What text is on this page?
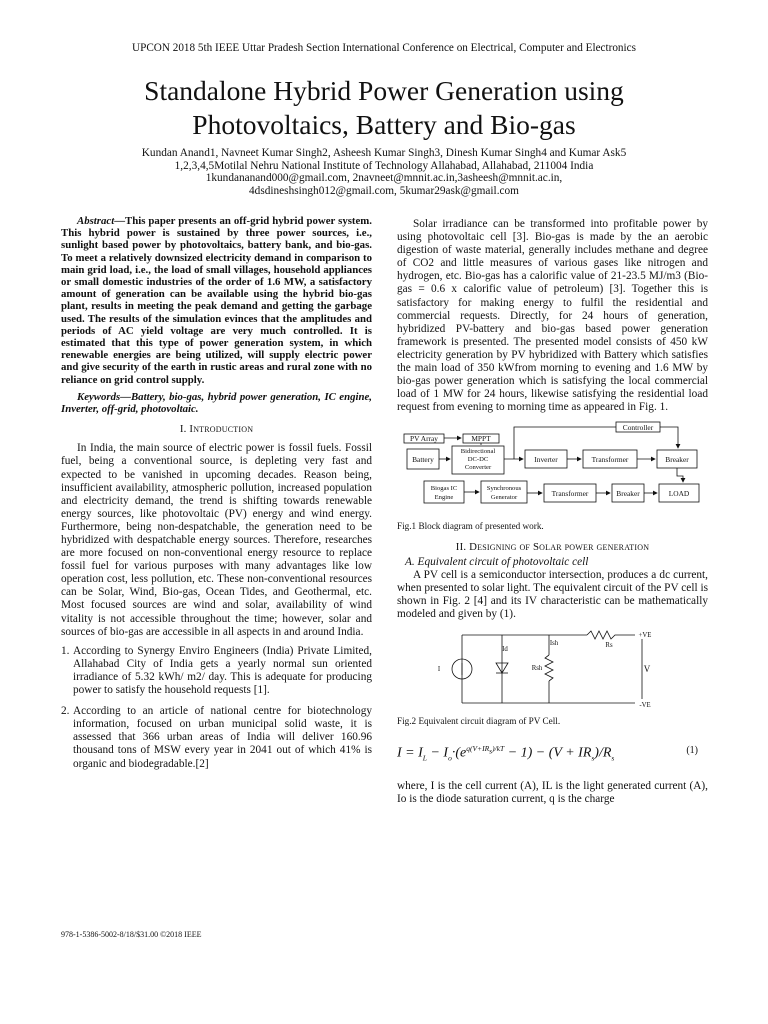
UPCON 2018 5th IEEE Uttar Pradesh Section International Conference on Electrical, Computer and Electronics
Standalone Hybrid Power Generation using
Photovoltaics, Battery and Bio-gas
Kundan Anand1, Navneet Kumar Singh2, Asheesh Kumar Singh3, Dinesh Kumar Singh4 and Kumar Ask5
1,2,3,4,5Motilal Nehru National Institute of Technology Allahabad, Allahabad, 211004 India
1kundananand000@gmail.com, 2navneet@mnnit.ac.in,3asheesh@mnnit.ac.in,
4dsdineshsingh012@gmail.com, 5kumar29ask@gmail.com

Abstract—This paper presents an off-grid hybrid power system. This hybrid power is sustained by three power sources, i.e., sunlight based power by photovoltaics, battery bank, and bio-gas. To meet a relatively downsized electricity demand in comparison to main grid load, i.e., the load of small villages, household appliances or small domestic industries of the order of 1.6 MW, a satisfactory amount of generation can be available using the hybrid bio-gas plant, results in meeting the peak demand and getting the garbage used. The results of the simulation evinces that the amplitudes and periods of AC yield voltage are very much controlled. It is estimated that this type of power generation system, in which renewable energies are being utilized, will supply electric power and give security of the earth in rustic areas and rural zone with no reliance on grid control supply.

Keywords—Battery, bio-gas, hybrid power generation, IC engine, Inverter, off-grid, photovoltaic.

I. Introduction

In India, the main source of electric power is fossil fuels. Fossil fuel, being a conventional source, is depleting very fast and expected to be vanished in upcoming decades. Reason being, insufficient availability, atmospheric pollution, increased population and electricity demand, the trend is shifting towards renewable energy sources, like photovoltaic (PV) energy and wind energy. Furthermore, being non-despatchable, the generation need to be hybridized with despatchable energy sources. Therefore, researches are more focused on non-conventional energy resource to replace fossil fuel for various purposes with many advantages like low operation cost, less pollution, etc. These non-conventional resources can be Solar, Wind, Bio-gas, Ocean Tides, and Geothermal, etc. Most focused sources are wind and solar, availability of wind vitality is not accessible throughout the time; however, solar and sources of bio-gas are accessible in all aspects in and around India.

1. According to Synergy Enviro Engineers (India) Private Limited, Allahabad City of India gets a yearly normal sun oriented irradiance of 5.32 kWh/ m2/ day. This is adequate for producing power to satisfy the household requests [1].
2. According to an article of national centre for biotechnology information, focused on urban municipal solid waste, it is assessed that 366 urban areas of India will deliver 160.96 thousand tons of MSW every year in 2041 out of which 41% is organic and biodegradable.[2]

Solar irradiance can be transformed into profitable power by using photovoltaic cell [3]. Bio-gas is made by the an aerobic digestion of waste material, generally includes methane and degree of CO2 and little measures of various gases like nitrogen and hydrogen, etc. Bio-gas has a calorific value of 21-23.5 MJ/m3 (Bio-gas = 0.6 x calorific value of petroleum) [3]. Together this is satisfactory for making energy to fulfil the residential and commercial requests. Directly, for 24 hours of generation, hybridized PV-battery and bio-gas based power generation framework is presented. The presented model consists of 450 kW electricity generation by PV hybridized with Battery which satisfies the main load of 350 kWfrom morning to evening and 1.6 MW by bio-gas power generation which is satisfying the local commercial load of 1 MW for 24 hours, likewise satisfying the residential load request from evening to morning time as appeared in Fig. 1.

Controller
PV Array	MPPT
Battery
Bidirectional
DC-DC
Converter
Inverter	Transformer	Breaker
Biogas IC
Engine
Synchronous
Generator	Transformer	Breaker	LOAD
Fig.1 Block diagram of presented work.
II. Designing of Solar power generation
A. Equivalent circuit of photovoltaic cell

A PV cell is a semiconductor intersection, produces a dc current, when presented to solar light. The equivalent circuit of the PV cell is shown in Fig. 2 [4] and its IV characteristic can be mathematically modeled and given by (1).

+VE
Rs
Ish
Id
I	Rsh	V
-VE
Fig.2 Equivalent circuit diagram of PV Cell.
$I = I_L - I_o\cdot(e^{q(V+IR_s)/kT} - 1) - (V + IR_s)/R_s$
(1)

where, I is the cell current (A), IL is the light generated current (A), Io is the diode saturation current, q is the charge

978-1-5386-5002-8/18/$31.00 ©2018 IEEE
